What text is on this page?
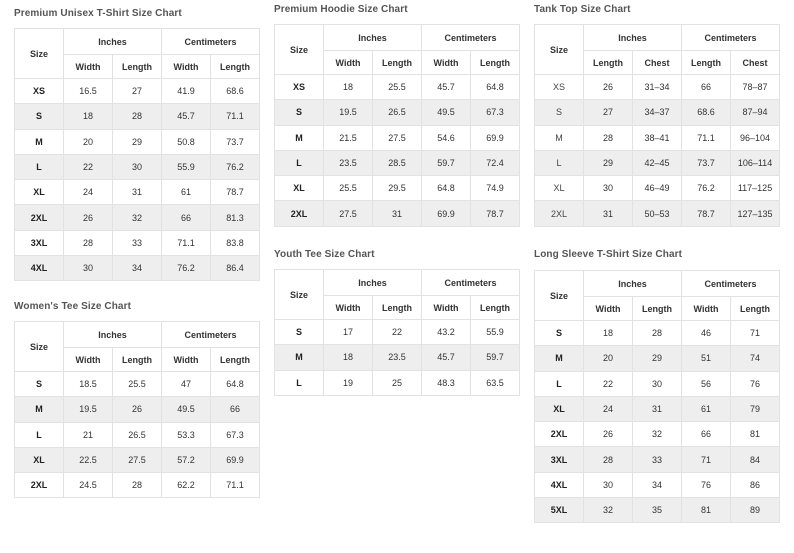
Premium Unisex T-Shirt Size Chart
Size	Inches		Centimeters	
	Width	Length	Width	Length
XS	16.5	27	41.9	68.6
S	18	28	45.7	71.1
M	20	29	50.8	73.7
L	22	30	55.9	76.2
XL	24	31	61	78.7
2XL	26	32	66	81.3
3XL	28	33	71.1	83.8
4XL	30	34	76.2	86.4
Women's Tee Size Chart
Size	Inches		Centimeters	
	Width	Length	Width	Length
S	18.5	25.5	47	64.8
M	19.5	26	49.5	66
L	21	26.5	53.3	67.3
XL	22.5	27.5	57.2	69.9
2XL	24.5	28	62.2	71.1
Premium Hoodie Size Chart
Size	Inches		Centimeters	
	Width	Length	Width	Length
XS	18	25.5	45.7	64.8
S	19.5	26.5	49.5	67.3
M	21.5	27.5	54.6	69.9
L	23.5	28.5	59.7	72.4
XL	25.5	29.5	64.8	74.9
2XL	27.5	31	69.9	78.7
Youth Tee Size Chart
Size	Inches		Centimeters	
	Width	Length	Width	Length
S	17	22	43.2	55.9
M	18	23.5	45.7	59.7
L	19	25	48.3	63.5
Tank Top Size Chart
Size	Inches		Centimeters	
	Length	Chest	Length	Chest
XS	26	31–34	66	78–87
S	27	34–37	68.6	87–94
M	28	38–41	71.1	96–104
L	29	42–45	73.7	106–114
XL	30	46–49	76.2	117–125
2XL	31	50–53	78.7	127–135
Long Sleeve T-Shirt Size Chart
Size	Inches		Centimeters	
	Width	Length	Width	Length
S	18	28	46	71
M	20	29	51	74
L	22	30	56	76
XL	24	31	61	79
2XL	26	32	66	81
3XL	28	33	71	84
4XL	30	34	76	86
5XL	32	35	81	89
